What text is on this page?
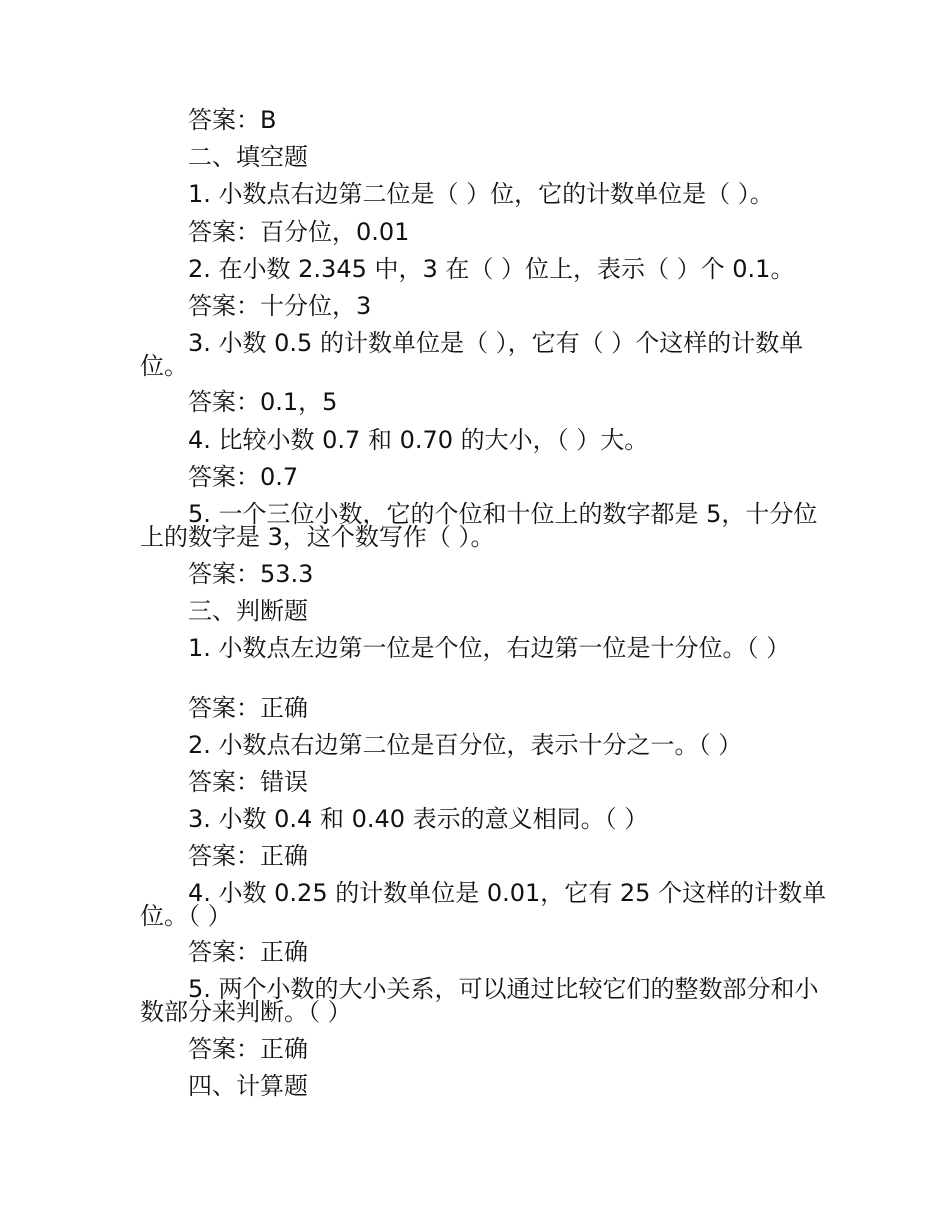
答案：B
二、填空题
1. 小数点右边第二位是（ ）位，它的计数单位是（ ）。
答案：百分位，0.01
2. 在小数 2.345 中，3 在（ ）位上，表示（ ）个 0.1。
答案：十分位，3
3. 小数 0.5 的计数单位是（ ），它有（ ）个这样的计数单位。
答案：0.1，5
4. 比较小数 0.7 和 0.70 的大小，（ ）大。
答案：0.7
5. 一个三位小数，它的个位和十位上的数字都是 5，十分位上的数字是 3，这个数写作（ ）。
答案：53.3
三、判断题
1. 小数点左边第一位是个位，右边第一位是十分位。（ ）
答案：正确
2. 小数点右边第二位是百分位，表示十分之一。（ ）
答案：错误
3. 小数 0.4 和 0.40 表示的意义相同。（ ）
答案：正确
4. 小数 0.25 的计数单位是 0.01，它有 25 个这样的计数单位。（ ）
答案：正确
5. 两个小数的大小关系，可以通过比较它们的整数部分和小数部分来判断。（ ）
答案：正确
四、计算题
